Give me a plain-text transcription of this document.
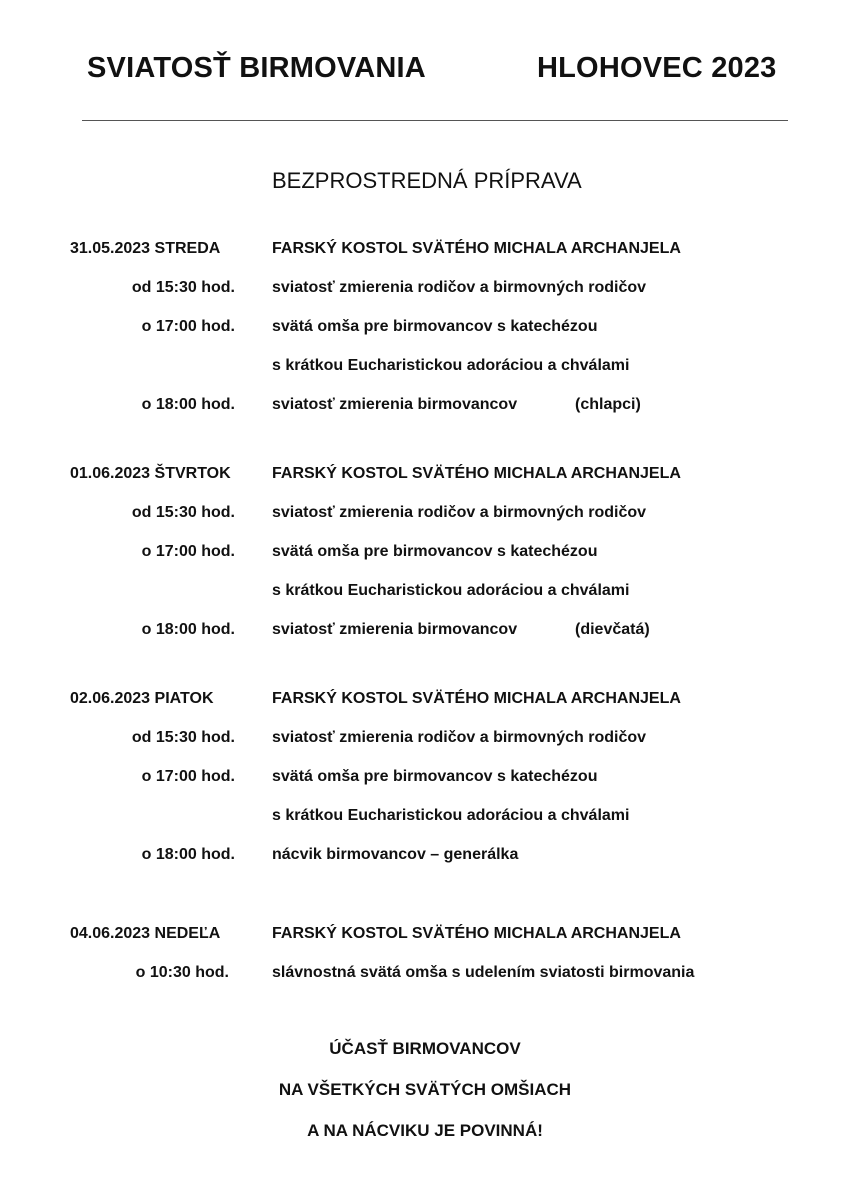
SVIATOSŤ BIRMOVANIA	HLOHOVEC 2023
BEZPROSTREDNÁ PRÍPRAVA
31.05.2023 STREDA	FARSKÝ KOSTOL SVÄTÉHO MICHALA ARCHANJELA
od 15:30 hod. sviatosť zmierenia rodičov a birmovných rodičov
o 17:00 hod. svätá omša pre birmovancov s katechézou
s krátkou Eucharistickou adoráciou a chválami
o 18:00 hod. sviatosť zmierenia birmovancov	(chlapci)
01.06.2023 ŠTVRTOK	FARSKÝ KOSTOL SVÄTÉHO MICHALA ARCHANJELA
od 15:30 hod. sviatosť zmierenia rodičov a birmovných rodičov
o 17:00 hod. svätá omša pre birmovancov s katechézou
s krátkou Eucharistickou adoráciou a chválami
o 18:00 hod. sviatosť zmierenia birmovancov	(dievčatá)
02.06.2023 PIATOK	FARSKÝ KOSTOL SVÄTÉHO MICHALA ARCHANJELA
od 15:30 hod. sviatosť zmierenia rodičov a birmovných rodičov
o 17:00 hod. svätá omša pre birmovancov s katechézou
s krátkou Eucharistickou adoráciou a chválami
o 18:00 hod. nácvik birmovancov – generálka
04.06.2023 NEDEĽA	FARSKÝ KOSTOL SVÄTÉHO MICHALA ARCHANJELA
o 10:30 hod.	slávnostná svätá omša s udelením sviatosti birmovania
ÚČASŤ BIRMOVANCOV
NA VŠETKÝCH SVÄTÝCH OMŠIACH
A NA NÁCVIKU JE POVINNÁ!
